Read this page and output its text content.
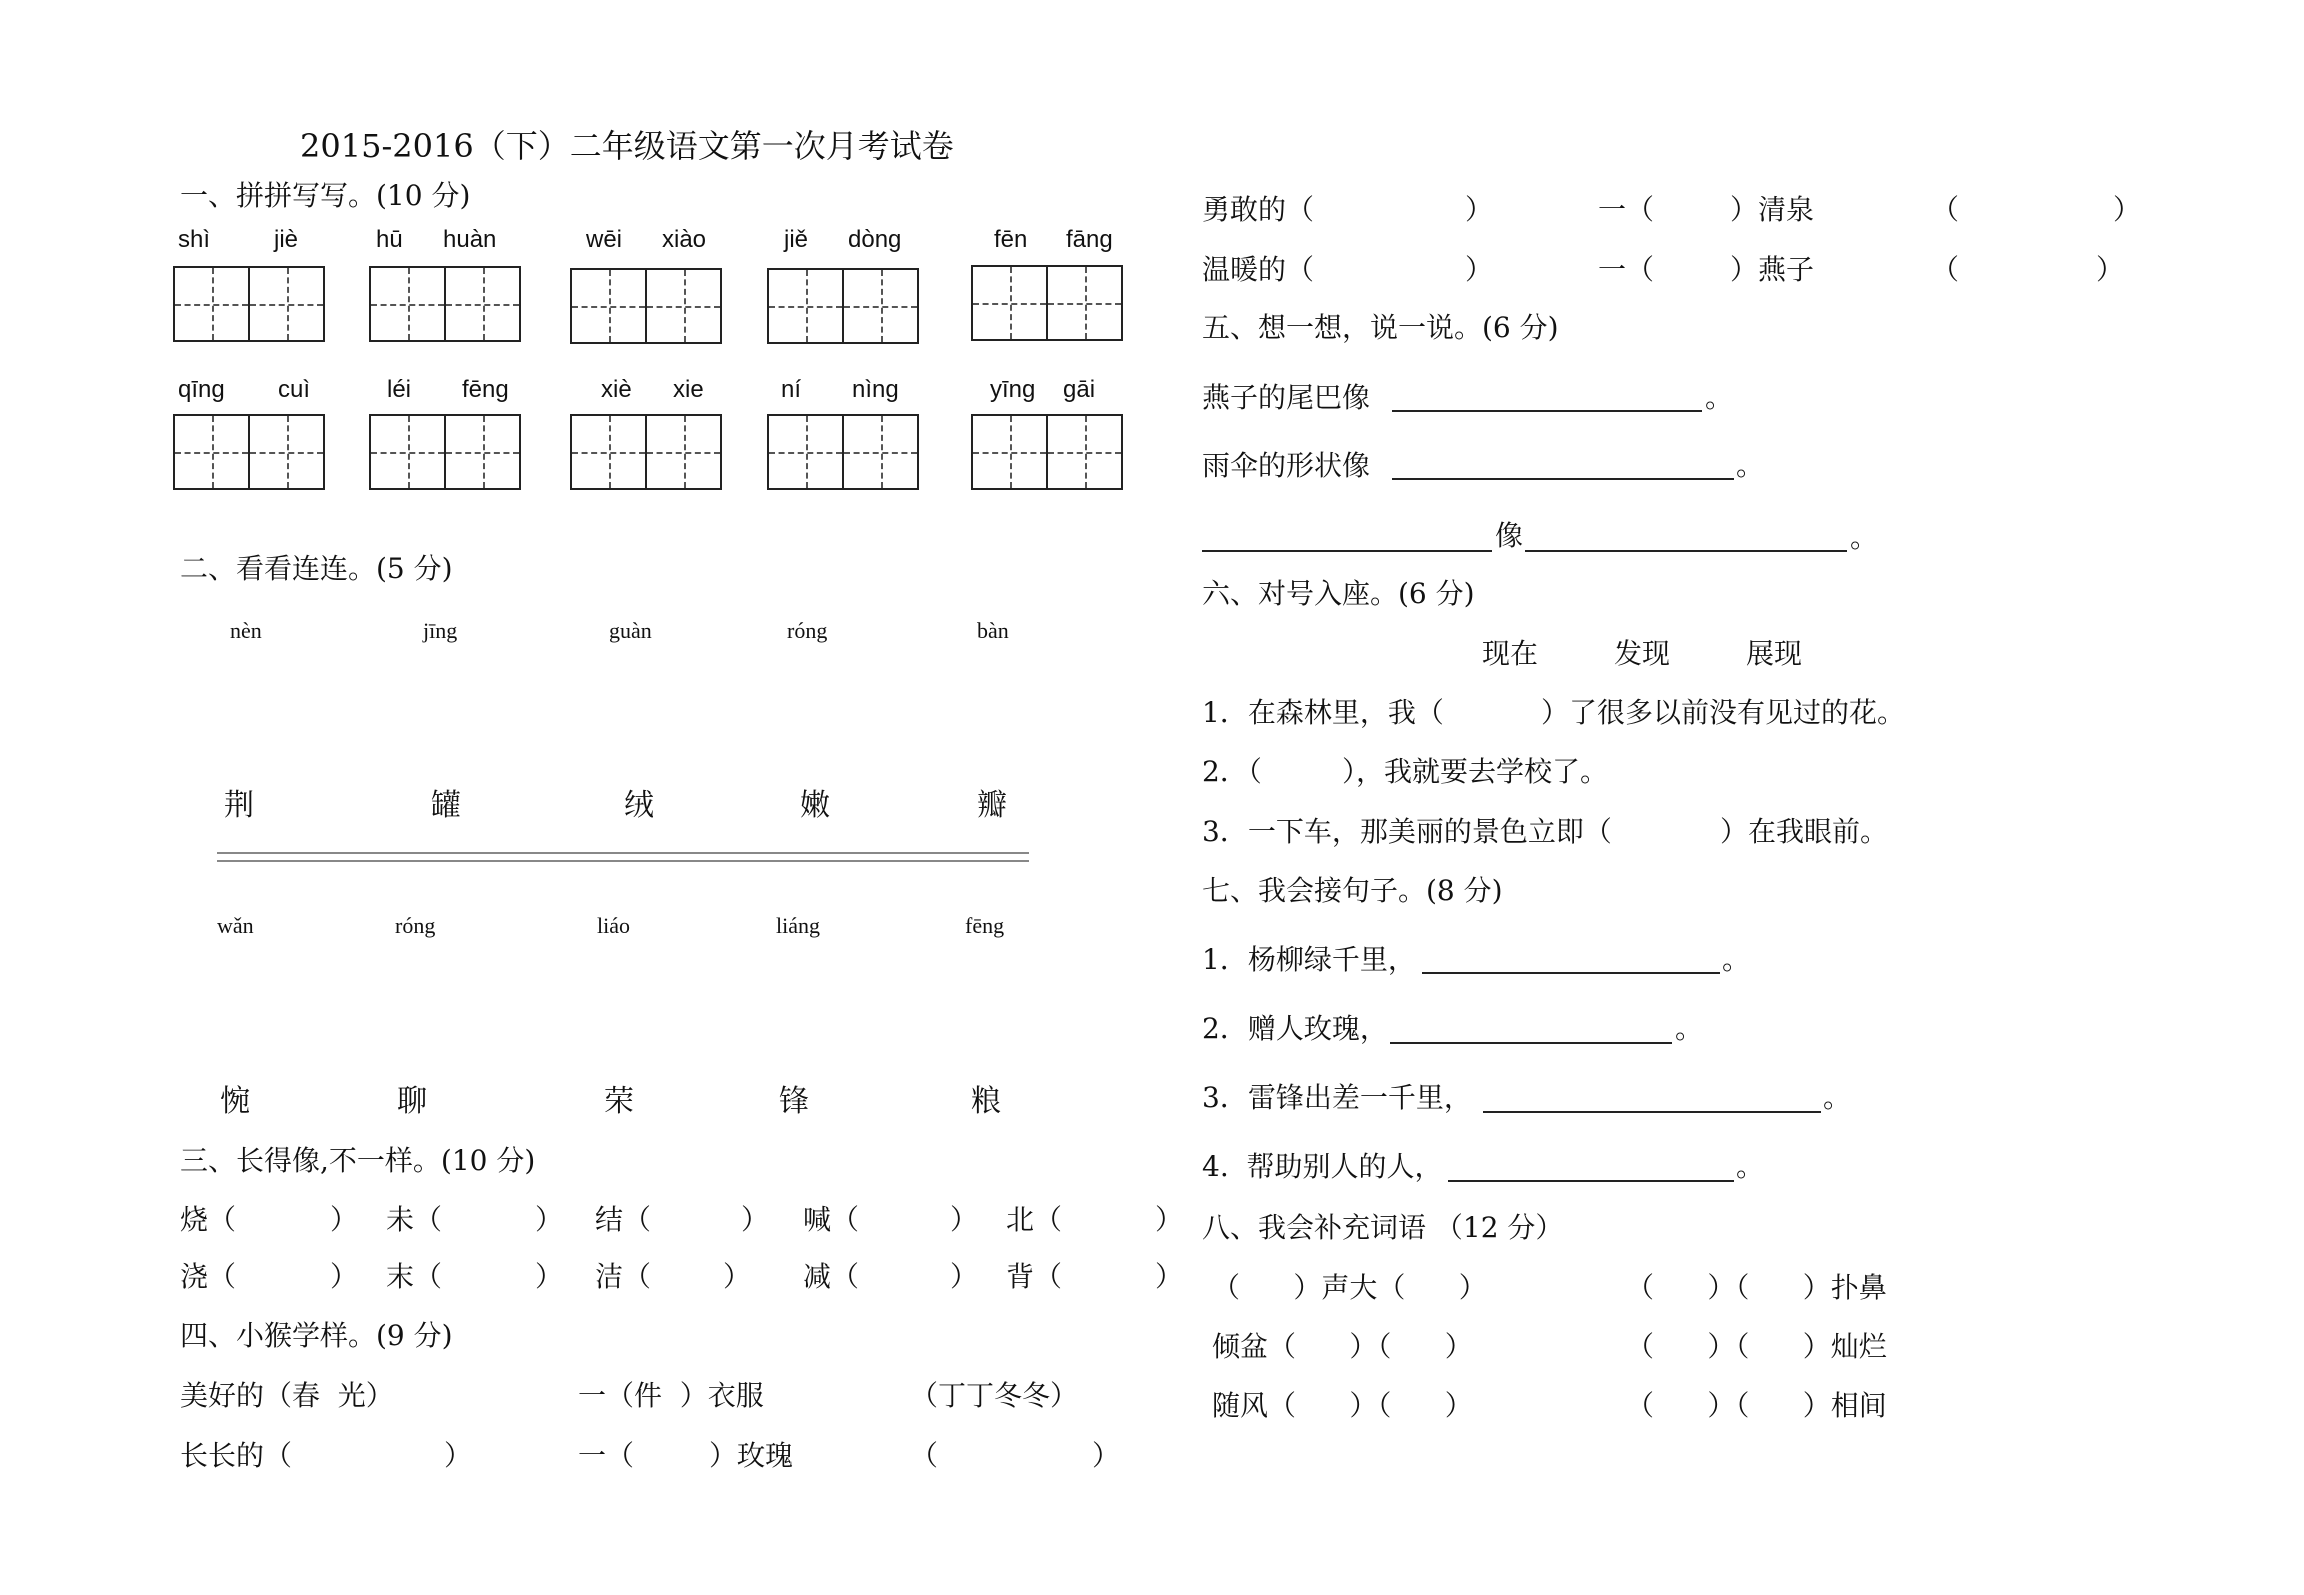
2015-2016（下）二年级语文第一次月考试卷
一、拼拼写写。(10 分)
shì	jiè	hū huàn	wēi xiào	jiě dòng	fēn fāng
qīng cuì	léi fēng	xiè xie	ní nìng	yīng gāi
二、看看连连。(5 分)
nèn	jīng	guàn	róng	bàn
荆	罐	绒	嫩	瓣
wǎn	róng	liáo	liáng	fēng
惋	聊	荣	锋	粮
三、长得像,不一样。(10 分)
烧（	） 未（	） 结（	） 喊（	） 北（	）
浇（	） 末（	） 洁（	） 减（	） 背（	）
四、小猴学样。(9 分)
美好的（春  光）	一（件  ）衣服	（丁丁冬冬）
长长的（	）	一（	）玫瑰	（	）
勇敢的（	）	一（	）清泉	（	）
温暖的（	）	一（	）燕子	（	）
五、想一想，说一说。(6 分)
燕子的尾巴像	。
雨伞的形状像	。
像	。
六、对号入座。(6 分)
现在	发现	展现
1．在森林里，我（	）了很多以前没有见过的花。
2．（	），我就要去学校了。
3．一下车，那美丽的景色立即（	）在我眼前。
七、我会接句子。(8 分)
1．杨柳绿千里，	。
2．赠人玫瑰，	。
3．雷锋出差一千里，	。
4.  帮助别人的人，	。
八、我会补充词语 （12 分）
（      ）声大（      ）	（      ）（      ）扑鼻
倾盆（      ）（      ）	（      ）（      ）灿烂
随风（      ）（      ）	（      ）（      ）相间
